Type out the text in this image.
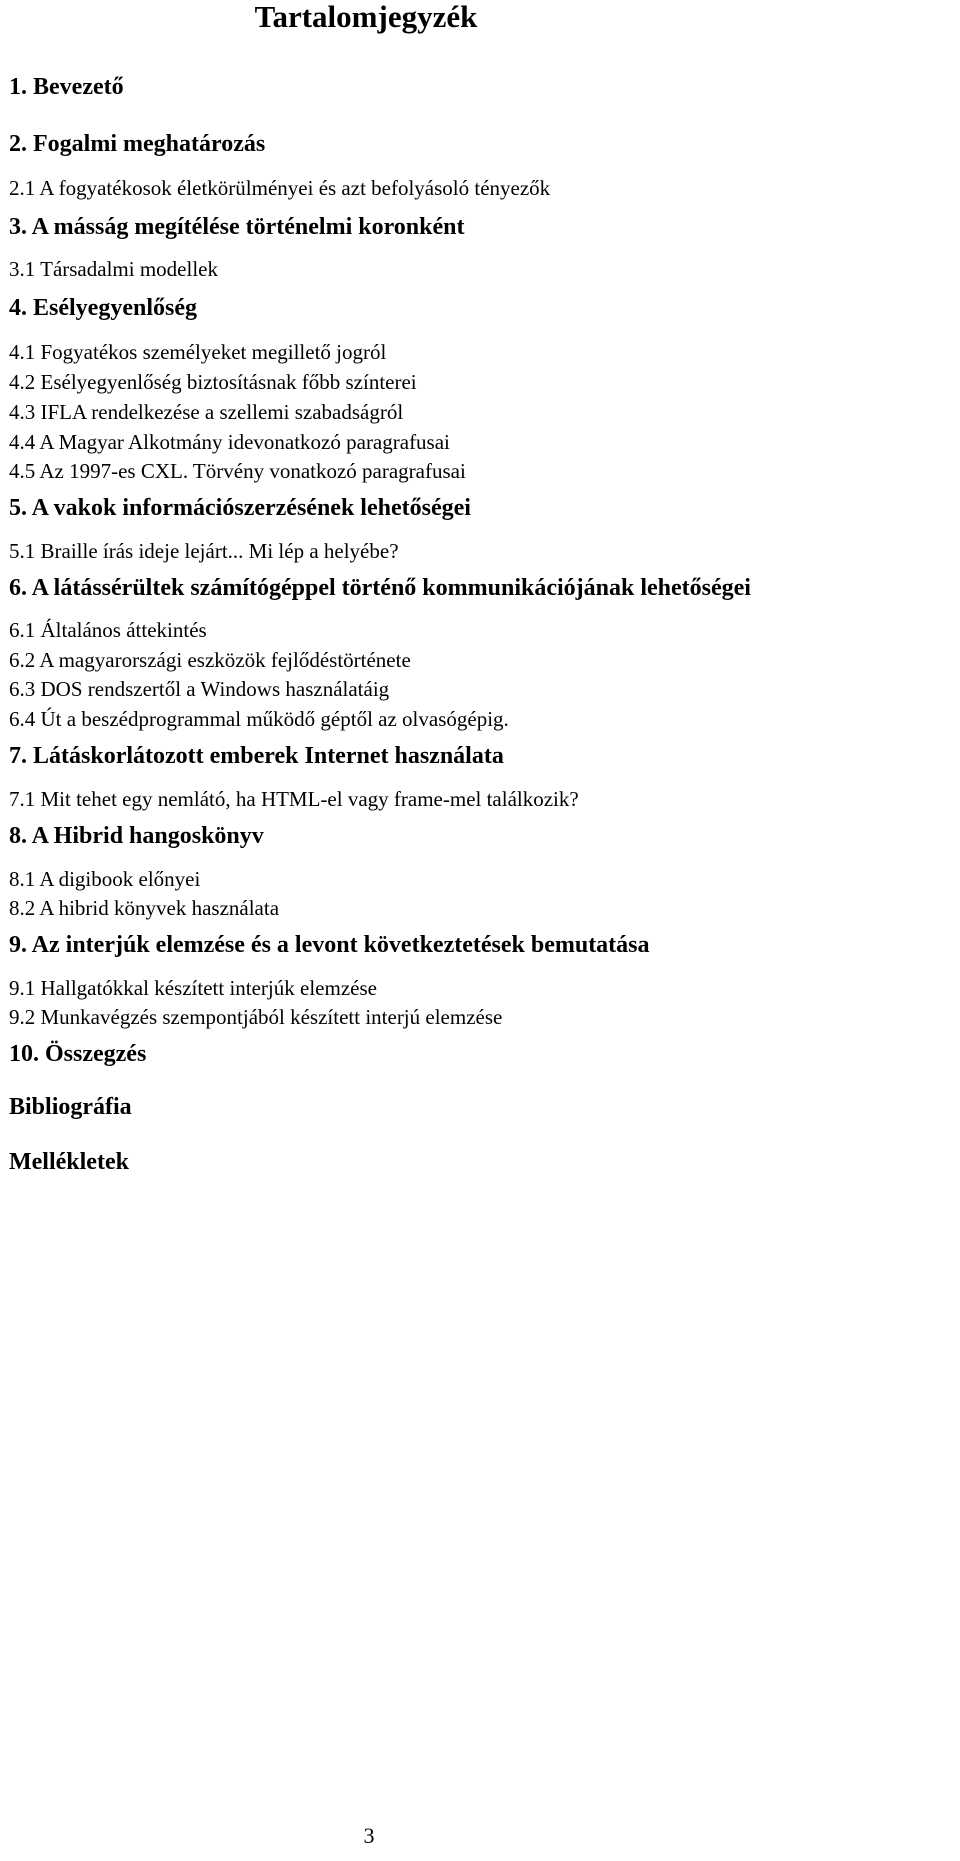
Tartalomjegyzék

1. Bevezető

2. Fogalmi meghatározás

2.1 A fogyatékosok életkörülményei és azt befolyásoló tényezők

3. A másság megítélése történelmi koronként

3.1 Társadalmi modellek

4. Esélyegyenlőség

4.1 Fogyatékos személyeket megillető jogról

4.2 Esélyegyenlőség biztosításnak főbb színterei

4.3 IFLA rendelkezése a szellemi szabadságról

4.4 A Magyar Alkotmány idevonatkozó paragrafusai

4.5 Az 1997-es CXL. Törvény vonatkozó paragrafusai

5. A vakok információszerzésének lehetőségei

5.1 Braille írás ideje lejárt... Mi lép a helyébe?

6. A látássérültek számítógéppel történő kommunikációjának lehetőségei

6.1 Általános áttekintés

6.2 A magyarországi eszközök fejlődéstörténete

6.3 DOS rendszertől a Windows használatáig

6.4 Út a beszédprogrammal működő géptől az olvasógépig.

7. Látáskorlátozott emberek Internet használata

7.1 Mit tehet egy nemlátó, ha HTML-el vagy frame-mel találkozik?

8. A Hibrid hangoskönyv

8.1 A digibook előnyei

8.2 A hibrid könyvek használata

9. Az interjúk elemzése és a levont következtetések bemutatása

9.1 Hallgatókkal készített interjúk elemzése

9.2 Munkavégzés szempontjából készített interjú elemzése

10. Összegzés

Bibliográfia

Mellékletek

3
